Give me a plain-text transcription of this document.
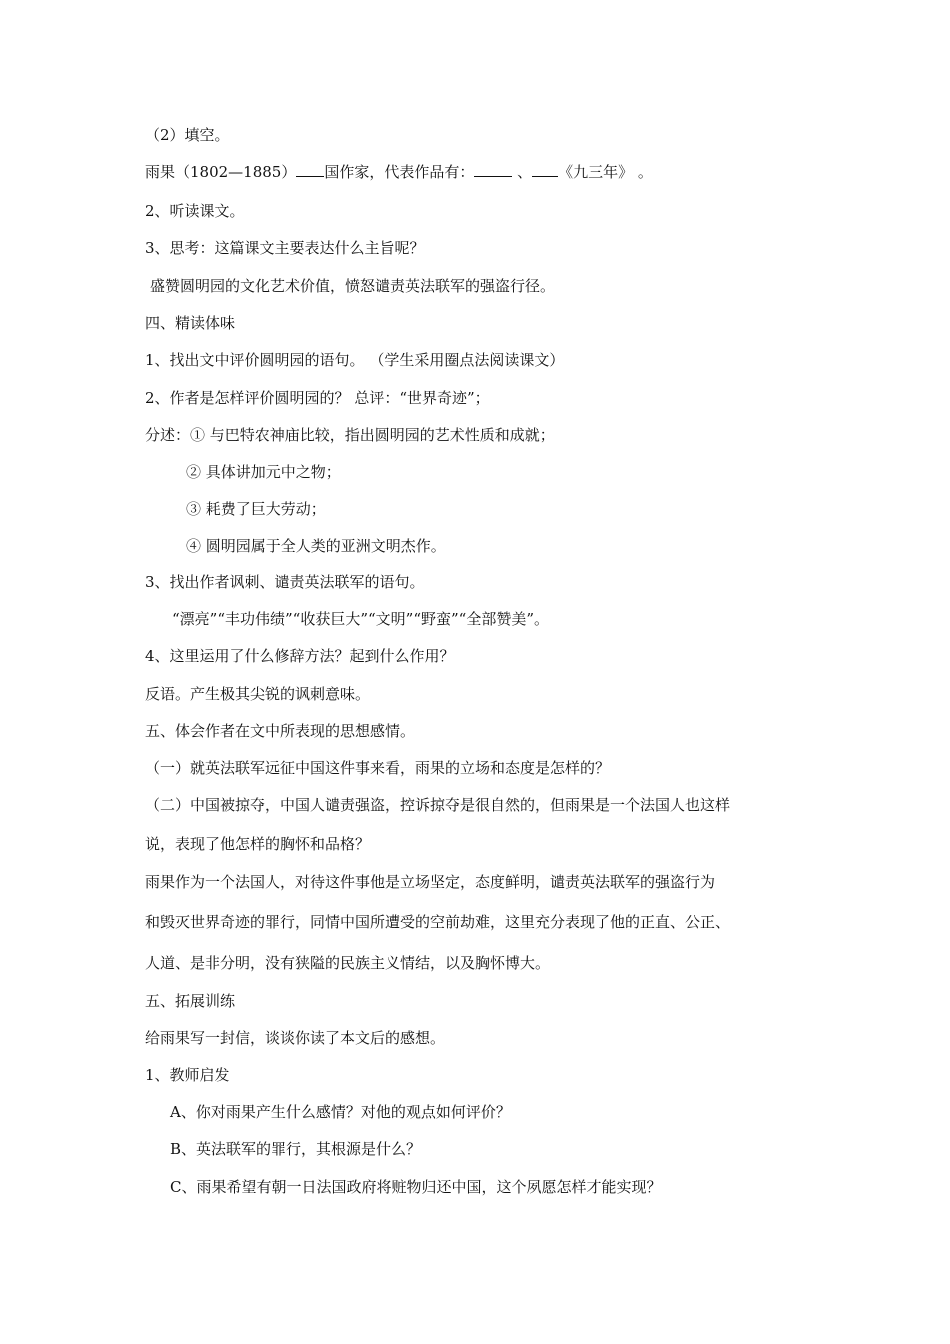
（2）填空。
雨果（1802—1885） 国作家，代表作品有：	、 《九三年》 。
2、听读课文。
3、思考：这篇课文主要表达什么主旨呢？
盛赞圆明园的文化艺术价值，愤怒谴责英法联军的强盗行径。
四、精读体味
1、找出文中评价圆明园的语句。 （学生采用圈点法阅读课文）
2、作者是怎样评价圆明园的？ 总评：“世界奇迹”；
分述：① 与巴特农神庙比较，指出圆明园的艺术性质和成就；
② 具体讲加元中之物；
③ 耗费了巨大劳动；
④ 圆明园属于全人类的亚洲文明杰作。
3、找出作者讽刺、谴责英法联军的语句。
“漂亮”“丰功伟绩”“收获巨大”“文明”“野蛮”“全部赞美”。
4、这里运用了什么修辞方法？起到什么作用？
反语。产生极其尖锐的讽刺意味。
五、体会作者在文中所表现的思想感情。
（一）就英法联军远征中国这件事来看，雨果的立场和态度是怎样的？
（二）中国被掠夺，中国人谴责强盗，控诉掠夺是很自然的，但雨果是一个法国人也这样
说，表现了他怎样的胸怀和品格？
雨果作为一个法国人，对待这件事他是立场坚定，态度鲜明，谴责英法联军的强盗行为
和毁灭世界奇迹的罪行，同情中国所遭受的空前劫难，这里充分表现了他的正直、公正、
人道、是非分明，没有狭隘的民族主义情结，以及胸怀博大。
五、拓展训练
给雨果写一封信，谈谈你读了本文后的感想。
1、教师启发
A、你对雨果产生什么感情？对他的观点如何评价？
B、英法联军的罪行，其根源是什么？
C、雨果希望有朝一日法国政府将赃物归还中国，这个夙愿怎样才能实现？
